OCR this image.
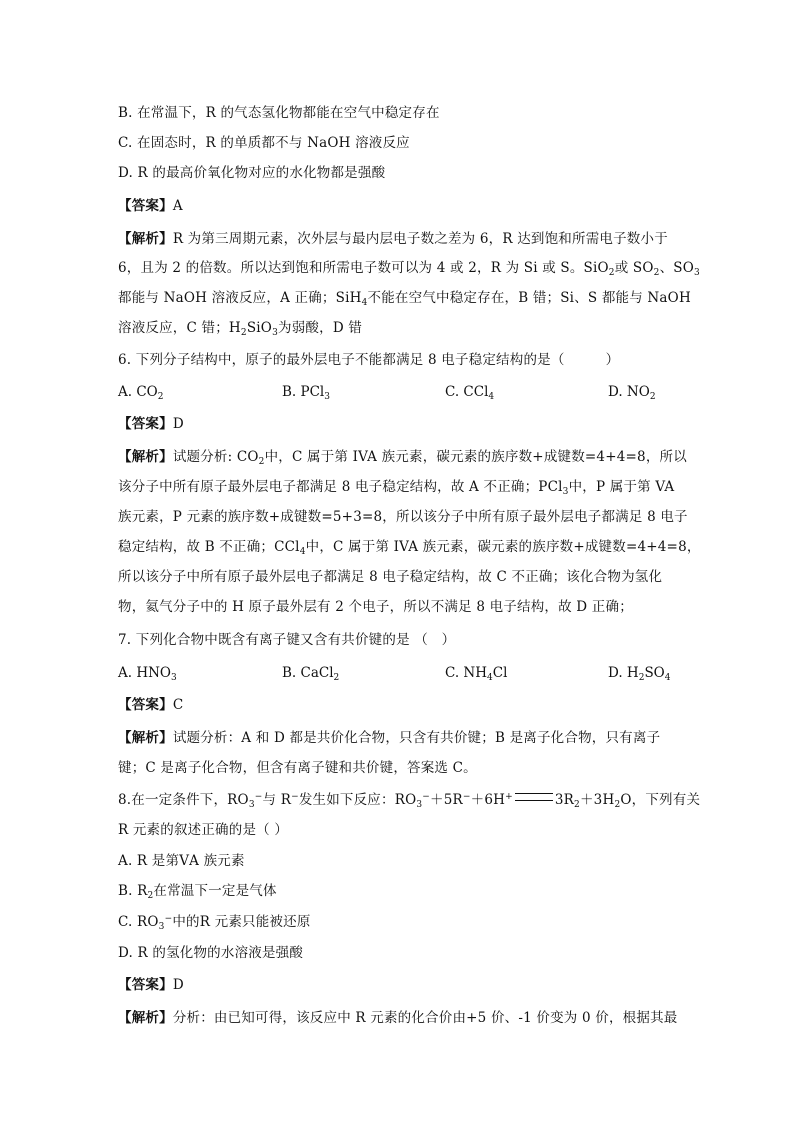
B. 在常温下，R 的气态氢化物都能在空气中稳定存在
C. 在固态时，R 的单质都不与 NaOH 溶液反应
D. R 的最高价氧化物对应的水化物都是强酸
【答案】A
【解析】R 为第三周期元素，次外层与最内层电子数之差为 6，R 达到饱和所需电子数小于
6，且为 2 的倍数。所以达到饱和所需电子数可以为 4 或 2，R 为 Si 或 S。SiO$_2$或 $SO_2$、$SO_3$
都能与 NaOH 溶液反应，A 正确；SiH$_4$不能在空气中稳定存在，B 错；Si、S 都能与 NaOH
溶液反应，C 错；$H_2SiO_3$为弱酸，D 错
6. 下列分子结构中，原子的最外层电子不能都满足 8 电子稳定结构的是（　　　）
A. $CO_2$	B. PCl$_3$	C. CCl$_4$	D. $NO_2$
【答案】D
【解析】试题分析: $CO_2$中，C 属于第 IVA 族元素，碳元素的族序数+成键数=4+4=8，所以
该分子中所有原子最外层电子都满足 8 电子稳定结构，故 A 不正确；PCl$_3$中，P 属于第 VA
族元素，P 元素的族序数+成键数=5+3=8，所以该分子中所有原子最外层电子都满足 8 电子
稳定结构，故 B 不正确；CCl$_4$中，C 属于第 IVA 族元素，碳元素的族序数+成键数=4+4=8，
所以该分子中所有原子最外层电子都满足 8 电子稳定结构，故 C 不正确；该化合物为氢化
物，氦气分子中的 H 原子最外层有 2 个电子，所以不满足 8 电子结构，故 D 正确；
7. 下列化合物中既含有离子键又含有共价键的是 （　）
A. $HNO_3$	B. CaCl$_2$	C. $NH_4Cl$	D. $H_2SO_4$
【答案】C
【解析】试题分析：A 和 D 都是共价化合物，只含有共价键；B 是离子化合物，只有离子
键；C 是离子化合物，但含有离子键和共价键，答案选 C。
8.在一定条件下，$RO_3^-$与 R−发生如下反应：$RO_3^-+5R^-+6H^+$	$3R_2+3H_2O$，下列有关
R 元素的叙述正确的是（ ）
A. R 是第ⅤA 族元素
B. $R_2$在常温下一定是气体
C. $RO_3^-$中的R 元素只能被还原
D. R 的氢化物的水溶液是强酸
【答案】D
【解析】分析：由已知可得，该反应中 R 元素的化合价由+5 价、-1 价变为 0 价，根据其最
